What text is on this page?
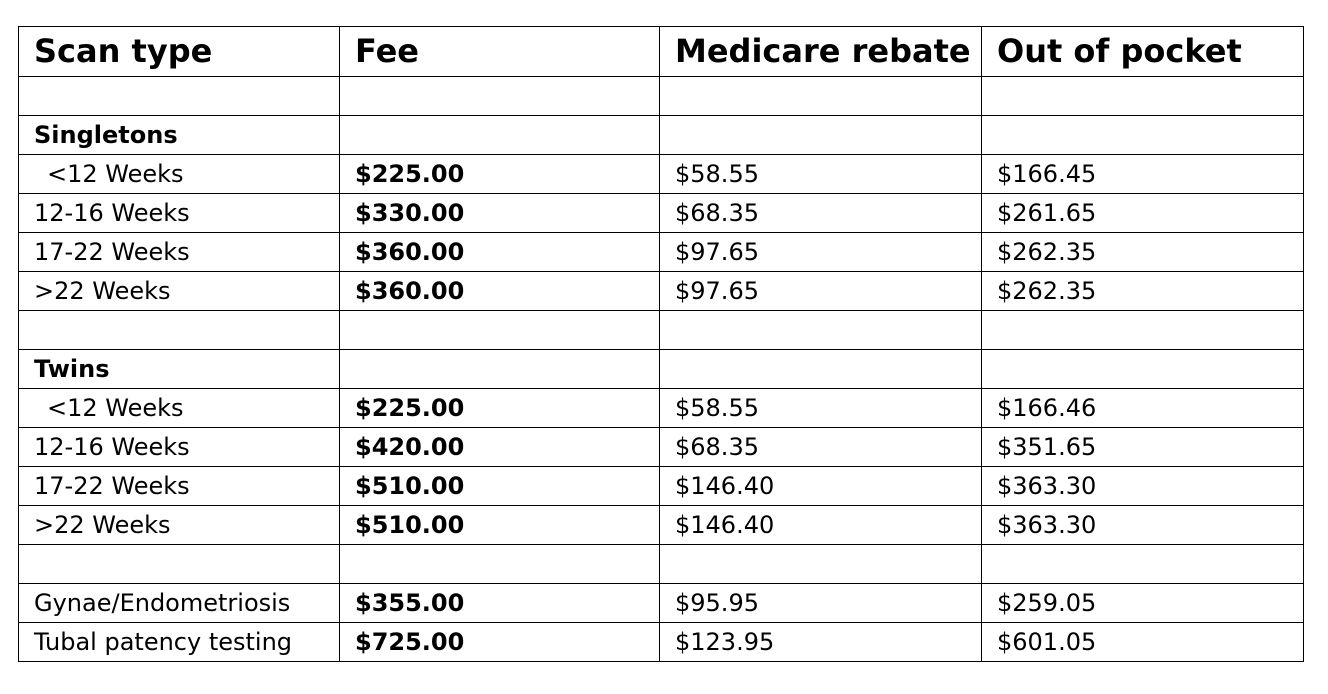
Scan type	Fee	Medicare rebate	Out of pocket

Singletons			
<12 Weeks	$225.00	$58.55	$166.45
12-16 Weeks	$330.00	$68.35	$261.65
17-22 Weeks	$360.00	$97.65	$262.35
>22 Weeks	$360.00	$97.65	$262.35

Twins			
<12 Weeks	$225.00	$58.55	$166.46
12-16 Weeks	$420.00	$68.35	$351.65
17-22 Weeks	$510.00	$146.40	$363.30
>22 Weeks	$510.00	$146.40	$363.30

Gynae/Endometriosis	$355.00	$95.95	$259.05
Tubal patency testing	$725.00	$123.95	$601.05
